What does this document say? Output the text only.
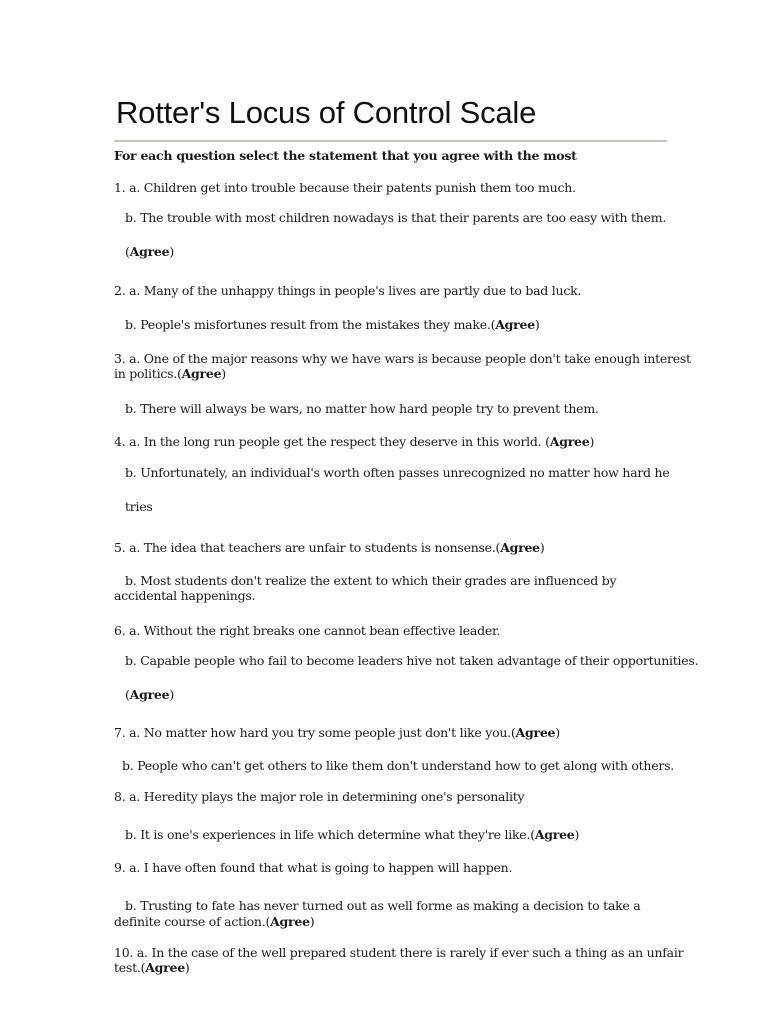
Rotter's Locus of Control Scale
For each question select the statement that you agree with the most
1. a. Children get into trouble because their patents punish them too much.
b. The trouble with most children nowadays is that their parents are too easy with them.
(Agree)
2. a. Many of the unhappy things in people's lives are partly due to bad luck.
b. People's misfortunes result from the mistakes they make.(Agree)
3. a. One of the major reasons why we have wars is because people don't take enough interest
in politics.(Agree)
b. There will always be wars, no matter how hard people try to prevent them.
4. a. In the long run people get the respect they deserve in this world. (Agree)
b. Unfortunately, an individual's worth often passes unrecognized no matter how hard he
tries
5. a. The idea that teachers are unfair to students is nonsense.(Agree)
b. Most students don't realize the extent to which their grades are influenced by
accidental happenings.
6. a. Without the right breaks one cannot bean effective leader.
b. Capable people who fail to become leaders hive not taken advantage of their opportunities.
(Agree)
7. a. No matter how hard you try some people just don't like you.(Agree)
b. People who can't get others to like them don't understand how to get along with others.
8. a. Heredity plays the major role in determining one's personality
b. It is one's experiences in life which determine what they're like.(Agree)
9. a. I have often found that what is going to happen will happen.
b. Trusting to fate has never turned out as well forme as making a decision to take a
definite course of action.(Agree)
10. a. In the case of the well prepared student there is rarely if ever such a thing as an unfair
test.(Agree)
